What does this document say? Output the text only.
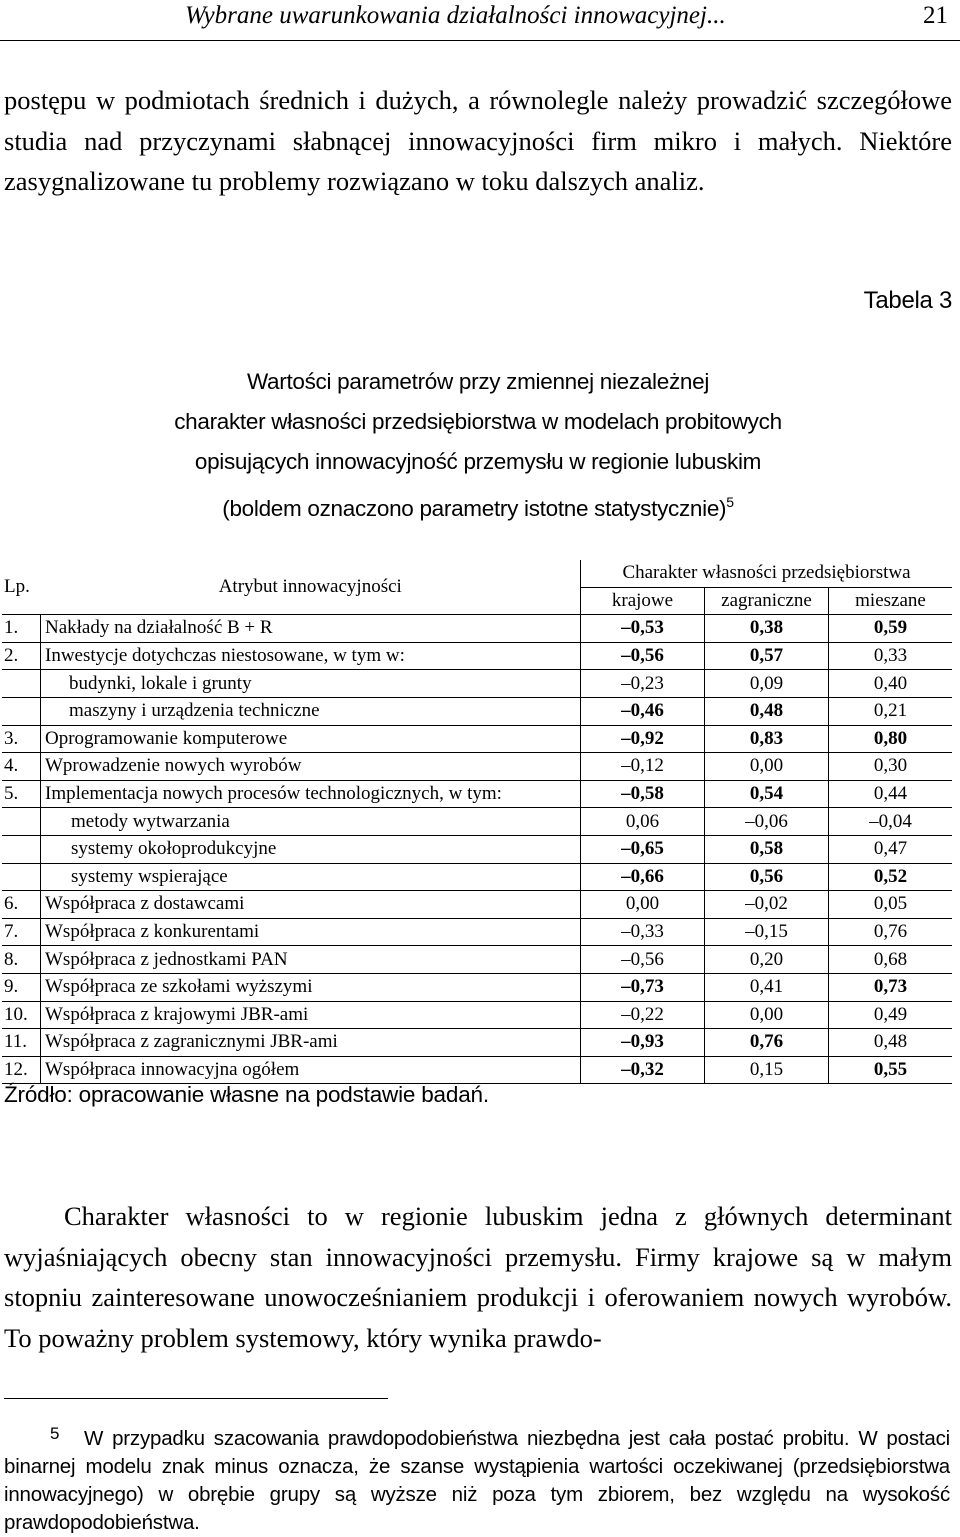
Wybrane uwarunkowania działalności innowacyjnej...	21
postępu w podmiotach średnich i dużych, a równolegle należy prowadzić szczegółowe studia nad przyczynami słabnącej innowacyjności firm mikro i małych. Niektóre zasygnalizowane tu problemy rozwiązano w toku dalszych analiz.
Tabela 3
Wartości parametrów przy zmiennej niezależnej
charakter własności przedsiębiorstwa w modelach probitowych
opisujących innowacyjność przemysłu w regionie lubuskim
(boldem oznaczono parametry istotne statystycznie)$^5$
Lp.	Atrybut innowacyjności	Charakter własności przedsiębiorstwa		
		krajowe	zagraniczne	mieszane
1.	Nakłady na działalność B + R	–0,53	0,38	0,59
2.	Inwestycje dotychczas niestosowane, w tym w:	–0,56	0,57	0,33
	budynki, lokale i grunty	–0,23	0,09	0,40
	maszyny i urządzenia techniczne	–0,46	0,48	0,21
3.	Oprogramowanie komputerowe	–0,92	0,83	0,80
4.	Wprowadzenie nowych wyrobów	–0,12	0,00	0,30
5.	Implementacja nowych procesów technologicznych, w tym:	–0,58	0,54	0,44
	metody wytwarzania	0,06	–0,06	–0,04
	systemy okołoprodukcyjne	–0,65	0,58	0,47
	systemy wspierające	–0,66	0,56	0,52
6.	Współpraca z dostawcami	0,00	–0,02	0,05
7.	Współpraca z konkurentami	–0,33	–0,15	0,76
8.	Współpraca z jednostkami PAN	–0,56	0,20	0,68
9.	Współpraca ze szkołami wyższymi	–0,73	0,41	0,73
10.	Współpraca z krajowymi JBR-ami	–0,22	0,00	0,49
11.	Współpraca z zagranicznymi JBR-ami	–0,93	0,76	0,48
12.	Współpraca innowacyjna ogółem	–0,32	0,15	0,55
Źródło: opracowanie własne na podstawie badań.
Charakter własności to w regionie lubuskim jedna z głównych determinant wyjaśniających obecny stan innowacyjności przemysłu. Firmy krajowe są w małym stopniu zainteresowane unowocześnianiem produkcji i oferowaniem nowych wyrobów. To poważny problem systemowy, który wynika prawdo-
5 W przypadku szacowania prawdopodobieństwa niezbędna jest cała postać probitu. W postaci binarnej modelu znak minus oznacza, że szanse wystąpienia wartości oczekiwanej (przedsiębiorstwa innowacyjnego) w obrębie grupy są wyższe niż poza tym zbiorem, bez względu na wysokość prawdopodobieństwa.
